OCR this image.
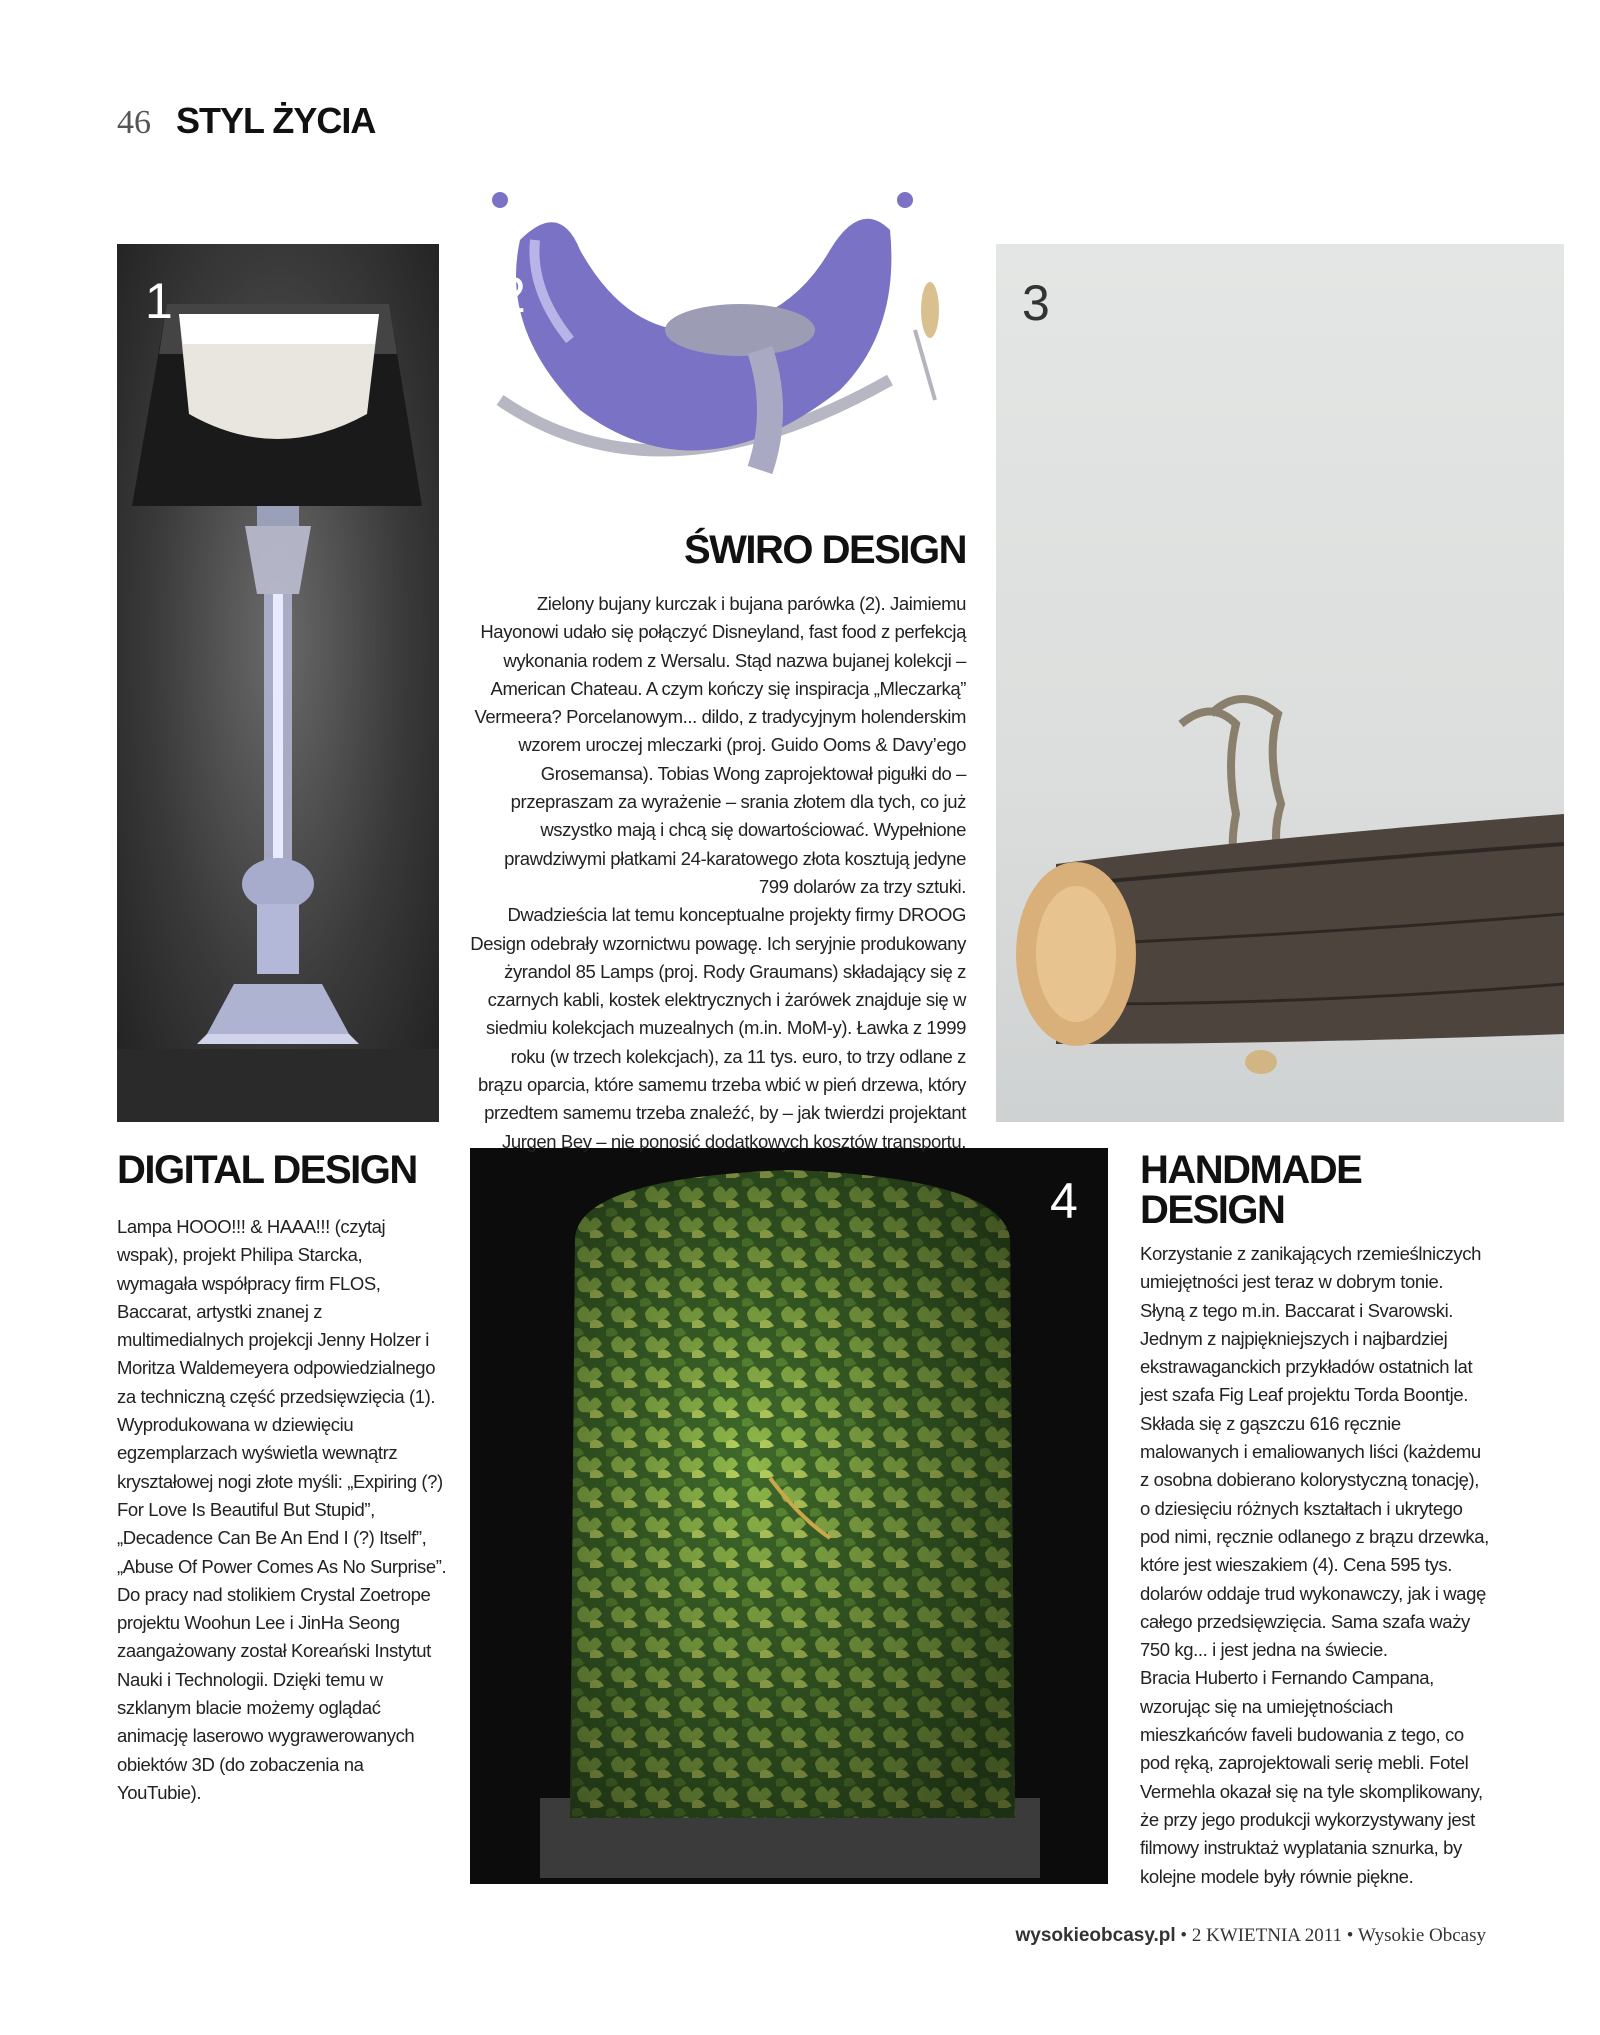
46 STYL ŻYCIA
1	2	3
4
ŚWIRO DESIGN

Zielony bujany kurczak i bujana parówka (2). Jaimiemu Hayonowi udało się połączyć Disneyland, fast food z perfekcją wykonania rodem z Wersalu. Stąd nazwa bujanej kolekcji – American Chateau. A czym kończy się inspiracja „Mleczarką” Vermeera? Porcelanowym... dildo, z tradycyjnym holenderskim wzorem uroczej mleczarki (proj. Guido Ooms & Davy’ego Grosemansa). Tobias Wong zaprojektował pigułki do – przepraszam za wyrażenie – srania złotem dla tych, co już wszystko mają i chcą się dowartościować. Wypełnione prawdziwymi płatkami 24-karatowego złota kosztują jedyne 799 dolarów za trzy sztuki.

Dwadzieścia lat temu konceptualne projekty firmy DROOG Design odebrały wzornictwu powagę. Ich seryjnie produkowany żyrandol 85 Lamps (proj. Rody Graumans) składający się z czarnych kabli, kostek elektrycznych i żarówek znajduje się w siedmiu kolekcjach muzealnych (m.in. MoM-y). Ławka z 1999 roku (w trzech kolekcjach), za 11 tys. euro, to trzy odlane z brązu oparcia, które samemu trzeba wbić w pień drzewa, który przedtem samemu trzeba znaleźć, by – jak twierdzi projektant Jurgen Bey – nie ponosić dodatkowych kosztów transportu.

DIGITAL DESIGN

Lampa HOOO!!! & HAAA!!! (czytaj wspak), projekt Philipa Starcka, wymagała współpracy firm FLOS, Baccarat, artystki znanej z multimedialnych projekcji Jenny Holzer i Moritza Waldemeyera odpowiedzialnego za techniczną część przedsięwzięcia (1).

Wyprodukowana w dziewięciu egzemplarzach wyświetla wewnątrz kryształowej nogi złote myśli: „Expiring (?) For Love Is Beautiful But Stupid”, „Decadence Can Be An End I (?) Itself”, „Abuse Of Power Comes As No Surprise”. Do pracy nad stolikiem Crystal Zoetrope projektu Woohun Lee i JinHa Seong zaangażowany został Koreański Instytut Nauki i Technologii. Dzięki temu w szklanym blacie możemy oglądać animację laserowo wygrawerowanych obiektów 3D (do zobaczenia na YouTubie).

HANDMADE
DESIGN

Korzystanie z zanikających rzemieślniczych umiejętności jest teraz w dobrym tonie. Słyną z tego m.in. Baccarat i Svarowski. Jednym z najpiękniejszych i najbardziej ekstrawaganckich przykładów ostatnich lat jest szafa Fig Leaf projektu Torda Boontje. Składa się z gąszczu 616 ręcznie malowanych i emaliowanych liści (każdemu z osobna dobierano kolorystyczną tonację), o dziesięciu różnych kształtach i ukrytego pod nimi, ręcznie odlanego z brązu drzewka, które jest wieszakiem (4). Cena 595 tys. dolarów oddaje trud wykonawczy, jak i wagę całego przedsięwzięcia. Sama szafa waży 750 kg... i jest jedna na świecie.

Bracia Huberto i Fernando Campana, wzorując się na umiejętnościach mieszkańców faveli budowania z tego, co pod ręką, zaprojektowali serię mebli. Fotel Vermehla okazał się na tyle skomplikowany, że przy jego produkcji wykorzystywany jest filmowy instruktaż wyplatania sznurka, by kolejne modele były równie piękne.

wysokieobcasy.pl • 2 KWIETNIA 2011 • Wysokie Obcasy
